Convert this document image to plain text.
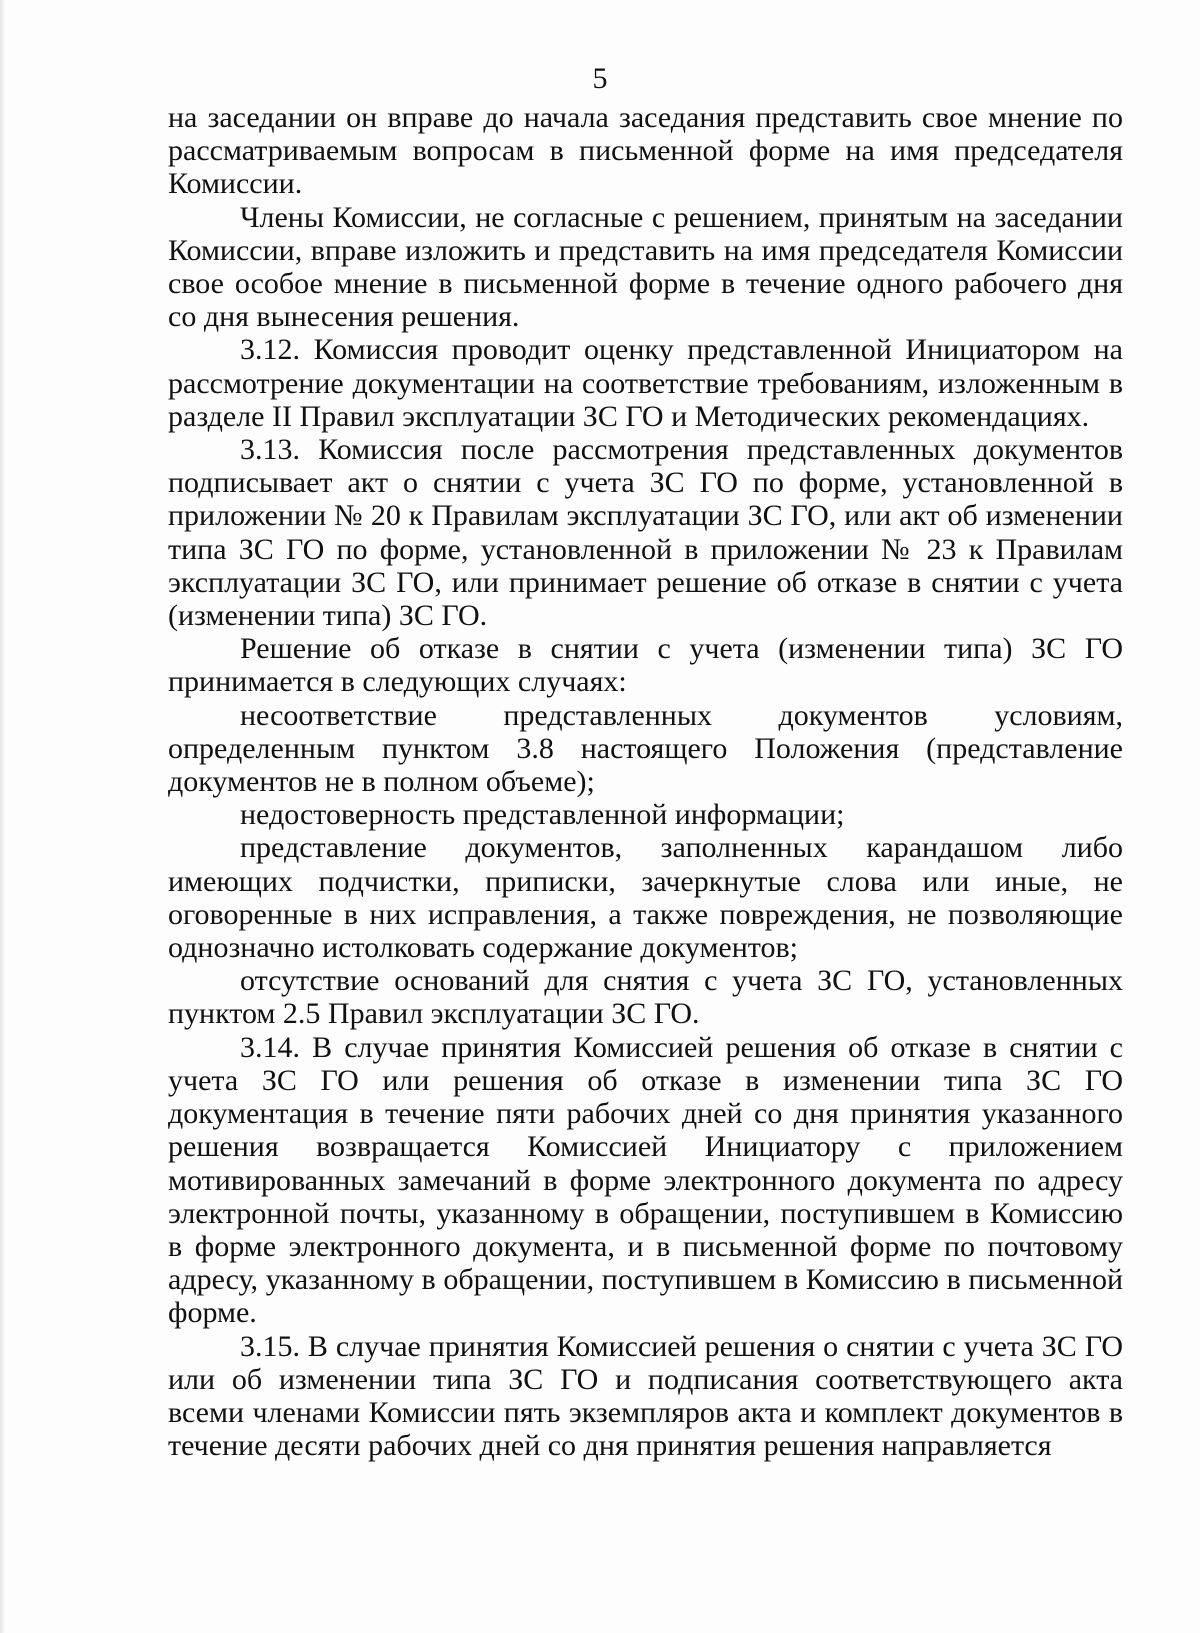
5

на заседании он вправе до начала заседания представить свое мнение по рассматриваемым вопросам в письменной форме на имя председателя Комиссии.

Члены Комиссии, не согласные с решением, принятым на заседании Комиссии, вправе изложить и представить на имя председателя Комиссии свое особое мнение в письменной форме в течение одного рабочего дня со дня вынесения решения.

3.12. Комиссия проводит оценку представленной Инициатором на рассмотрение документации на соответствие требованиям, изложенным в разделе II Правил эксплуатации ЗС ГО и Методических рекомендациях.

3.13. Комиссия после рассмотрения представленных документов подписывает акт о снятии с учета ЗС ГО по форме, установленной в приложении № 20 к Правилам эксплуатации ЗС ГО, или акт об изменении типа ЗС ГО по форме, установленной в приложении № 23 к Правилам эксплуатации ЗС ГО, или принимает решение об отказе в снятии с учета (изменении типа) ЗС ГО.

Решение об отказе в снятии с учета (изменении типа) ЗС ГО принимается в следующих случаях:

несоответствие представленных документов условиям, определенным пунктом 3.8 настоящего Положения (представление документов не в полном объеме);

недостоверность представленной информации;

представление документов, заполненных карандашом либо имеющих подчистки, приписки, зачеркнутые слова или иные, не оговоренные в них исправления, а также повреждения, не позволяющие однозначно истолковать содержание документов;

отсутствие оснований для снятия с учета ЗС ГО, установленных пунктом 2.5 Правил эксплуатации ЗС ГО.

3.14. В случае принятия Комиссией решения об отказе в снятии с учета ЗС ГО или решения об отказе в изменении типа ЗС ГО документация в течение пяти рабочих дней со дня принятия указанного решения возвращается Комиссией Инициатору с приложением мотивированных замечаний в форме электронного документа по адресу электронной почты, указанному в обращении, поступившем в Комиссию в форме электронного документа, и в письменной форме по почтовому адресу, указанному в обращении, поступившем в Комиссию в письменной форме.

3.15. В случае принятия Комиссией решения о снятии с учета ЗС ГО или об изменении типа ЗС ГО и подписания соответствующего акта всеми членами Комиссии пять экземпляров акта и комплект документов в течение десяти рабочих дней со дня принятия решения направляется
